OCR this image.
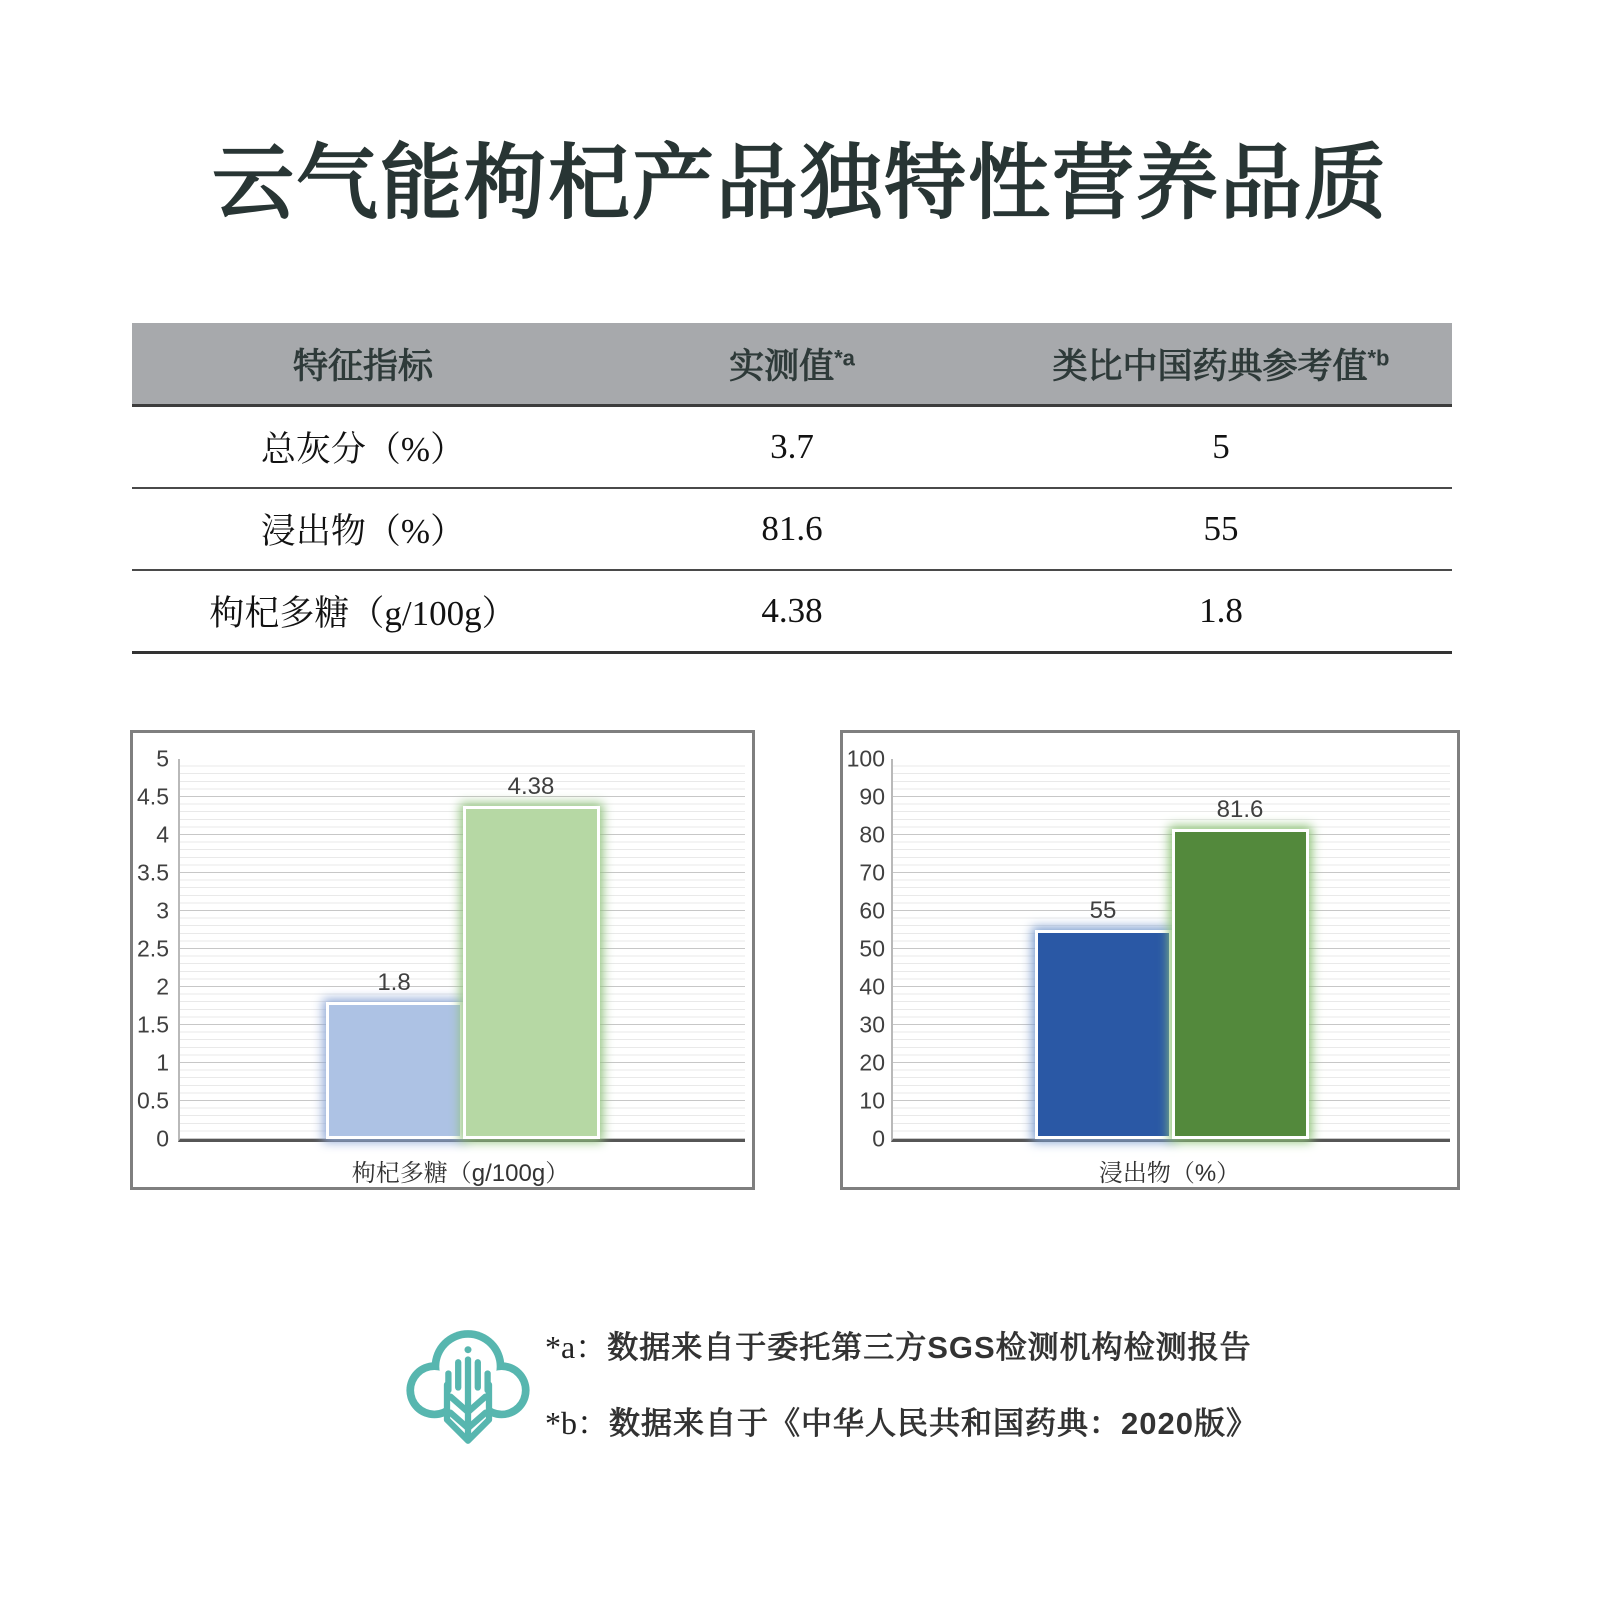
云气能枸杞产品独特性营养品质
特征指标	实测值$^{*a}$	类比中国药典参考值$^{*b}$
总灰分（%）	3.7	5
浸出物（%）	81.6	55
枸杞多糖（g/100g）	4.38	1.8
0
0.5
1
1.5
2
2.5
3
3.5
4
4.5
5
1.8
4.38
枸杞多糖（g/100g）
0
10
20
30
40
50
60
70
80
90
100
55
81.6
浸出物（%）
*a：数据来自于委托第三方SGS检测机构检测报告
*b：数据来自于《中华人民共和国药典：2020版》
